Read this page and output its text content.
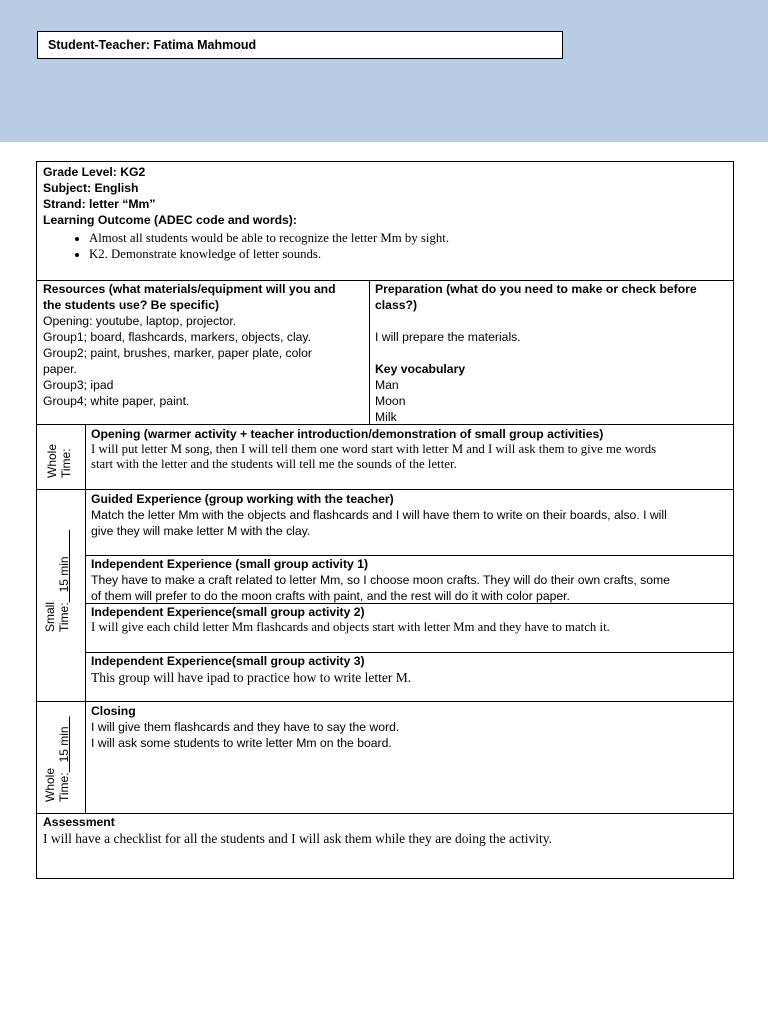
Student-Teacher: Fatima Mahmoud
Grade Level: KG2
Subject: English
Strand: letter “Mm”
Learning Outcome (ADEC code and words):
• Almost all students would be able to recognize the letter Mm by sight.
• K2. Demonstrate knowledge of letter sounds.
Resources (what materials/equipment will you and
the students use? Be specific)
Opening: youtube, laptop, projector.
Group1; board, flashcards, markers, objects, clay.
Group2; paint, brushes, marker, paper plate, color
paper.
Group3; ipad
Group4; white paper, paint.
Preparation (what do you need to make or check before
class?)
I will prepare the materials.
Key vocabulary
Man
Moon
Milk
Whole Time:
Opening (warmer activity + teacher introduction/demonstration of small group activities)
I will put letter M song, then I will tell them one word start with letter M and I will ask them to give me words
start with the letter and the students will tell me the sounds of the letter.
Small Time:   15 min
Guided Experience (group working with the teacher)
Match the letter Mm with the objects and flashcards and I will have them to write on their boards, also. I will
give they will make letter M with the clay.
Independent Experience (small group activity 1)
They have to make a craft related to letter Mm, so I choose moon crafts. They will do their own crafts, some
of them will prefer to do the moon crafts with paint, and the rest will do it with color paper.
Independent Experience(small group activity 2)
I will give each child letter Mm flashcards and objects start with letter Mm and they have to match it.
Independent Experience(small group activity 3)
This group will have ipad to practice how to write letter M.
Whole Time:   15 min
Closing
I will give them flashcards and they have to say the word.
I will ask some students to write letter Mm on the board.
Assessment
I will have a checklist for all the students and I will ask them while they are doing the activity.
